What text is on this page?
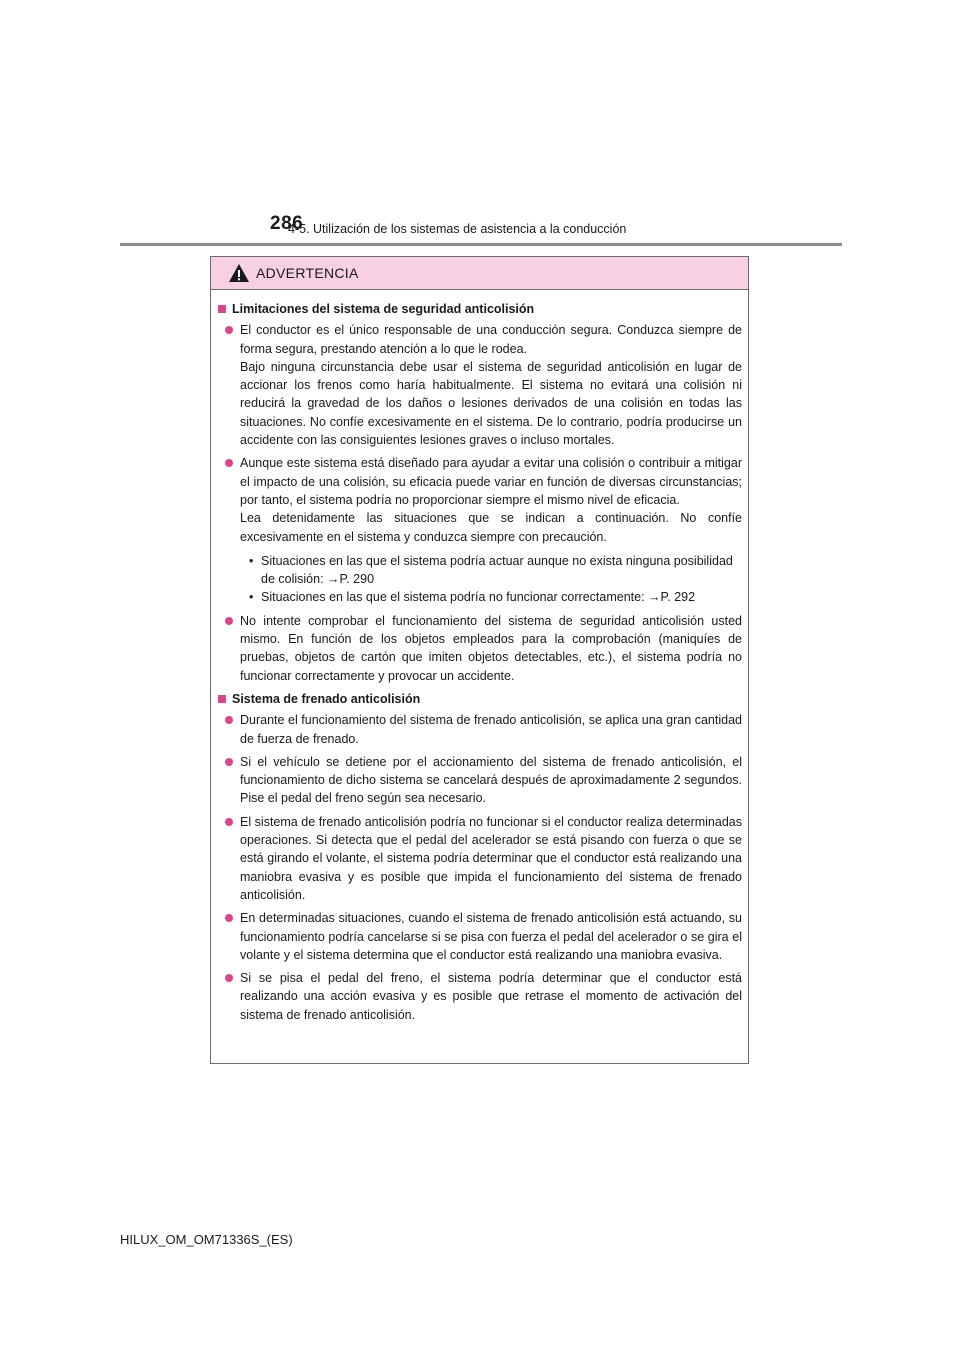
286
4-5. Utilización de los sistemas de asistencia a la conducción
ADVERTENCIA
Limitaciones del sistema de seguridad anticolisión

El conductor es el único responsable de una conducción segura. Conduzca siempre de forma segura, prestando atención a lo que le rodea.

Bajo ninguna circunstancia debe usar el sistema de seguridad anticolisión en lugar de accionar los frenos como haría habitualmente. El sistema no evitará una colisión ni reducirá la gravedad de los daños o lesiones derivados de una colisión en todas las situaciones. No confíe excesivamente en el sistema. De lo contrario, podría producirse un accidente con las consiguientes lesiones graves o incluso mortales.

Aunque este sistema está diseñado para ayudar a evitar una colisión o contribuir a mitigar el impacto de una colisión, su eficacia puede variar en función de diversas circunstancias; por tanto, el sistema podría no proporcionar siempre el mismo nivel de eficacia.

Lea detenidamente las situaciones que se indican a continuación. No confíe excesivamente en el sistema y conduzca siempre con precaución.

• Situaciones en las que el sistema podría actuar aunque no exista ninguna posibilidad de colisión: →P. 290
• Situaciones en las que el sistema podría no funcionar correctamente: →P. 292

No intente comprobar el funcionamiento del sistema de seguridad anticolisión usted mismo. En función de los objetos empleados para la comprobación (maniquíes de pruebas, objetos de cartón que imiten objetos detectables, etc.), el sistema podría no funcionar correctamente y provocar un accidente.

Sistema de frenado anticolisión

Durante el funcionamiento del sistema de frenado anticolisión, se aplica una gran cantidad de fuerza de frenado.

Si el vehículo se detiene por el accionamiento del sistema de frenado anticolisión, el funcionamiento de dicho sistema se cancelará después de aproximadamente 2 segundos. Pise el pedal del freno según sea necesario.

El sistema de frenado anticolisión podría no funcionar si el conductor realiza determinadas operaciones. Si detecta que el pedal del acelerador se está pisando con fuerza o que se está girando el volante, el sistema podría determinar que el conductor está realizando una maniobra evasiva y es posible que impida el funcionamiento del sistema de frenado anticolisión.

En determinadas situaciones, cuando el sistema de frenado anticolisión está actuando, su funcionamiento podría cancelarse si se pisa con fuerza el pedal del acelerador o se gira el volante y el sistema determina que el conductor está realizando una maniobra evasiva.

Si se pisa el pedal del freno, el sistema podría determinar que el conductor está realizando una acción evasiva y es posible que retrase el momento de activación del sistema de frenado anticolisión.

HILUX_OM_OM71336S_(ES)
